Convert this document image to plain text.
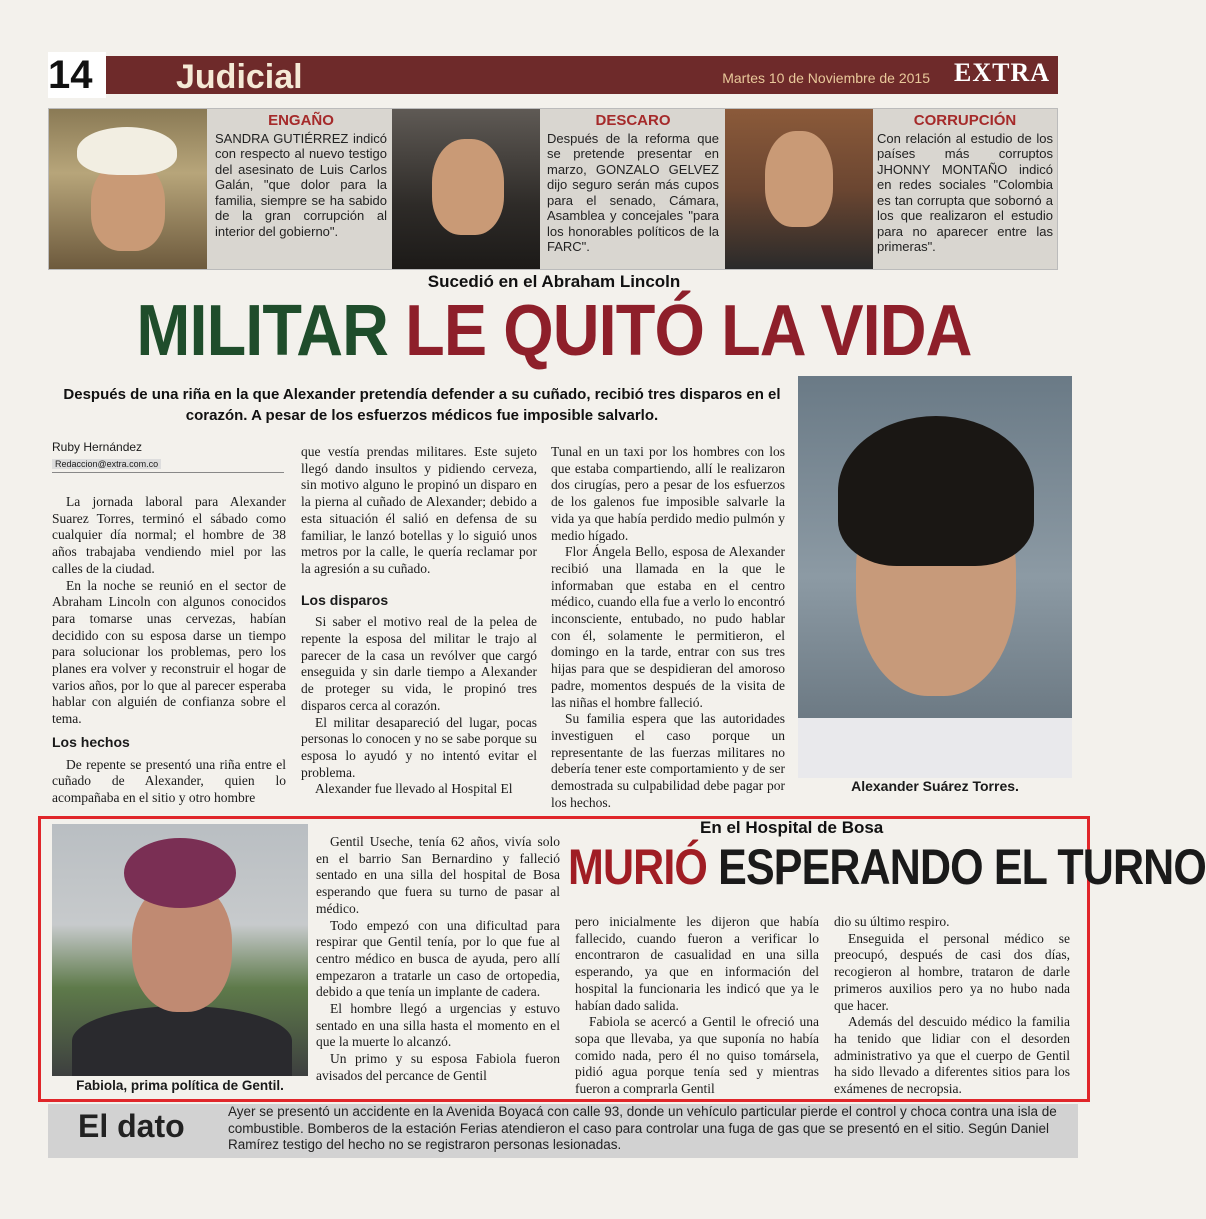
14	Judicial	Martes 10 de Noviembre de 2015 EXTRA
ENGAÑO
SANDRA GUTIÉRREZ indicó con respecto al nuevo testigo del asesinato de Luis Carlos Galán, "que dolor para la familia, siempre se ha sabido de la gran corrupción al interior del gobierno".
DESCARO
Después de la reforma que se pretende presentar en marzo, GONZALO GELVEZ dijo seguro serán más cupos para el senado, Cámara, Asamblea y concejales "para los honorables políticos de la FARC".
CORRUPCIÓN
Con relación al estudio de los países más corruptos JHONNY MONTAÑO indicó en redes sociales "Colombia es tan corrupta que sobornó a los que realizaron el estudio para no aparecer entre las primeras".
Sucedió en el Abraham Lincoln
MILITAR LE QUITÓ LA VIDA
Después de una riña en la que Alexander pretendía defender a su cuñado, recibió tres disparos en el corazón. A pesar de los esfuerzos médicos fue imposible salvarlo.
Ruby Hernández
Redaccion@extra.com.co

La jornada laboral para Alexander Suarez Torres, terminó el sábado como cualquier día normal; el hombre de 38 años trabajaba vendiendo miel por las calles de la ciudad.

En la noche se reunió en el sector de Abraham Lincoln con algunos conocidos para tomarse unas cervezas, habían decidido con su esposa darse un tiempo para solucionar los problemas, pero los planes era volver y reconstruir el hogar de varios años, por lo que al parecer esperaba hablar con alguién de confianza sobre el tema.

Los hechos

De repente se presentó una riña entre el cuñado de Alexander, quien lo acompañaba en el sitio y otro hombre

que vestía prendas militares. Este sujeto llegó dando insultos y pidiendo cerveza, sin motivo alguno le propinó un disparo en la pierna al cuñado de Alexander; debido a esta situación él salió en defensa de su familiar, le lanzó botellas y lo siguió unos metros por la calle, le quería reclamar por la agresión a su cuñado.

Los disparos

Si saber el motivo real de la pelea de repente la esposa del militar le trajo al parecer de la casa un revólver que cargó enseguida y sin darle tiempo a Alexander de proteger su vida, le propinó tres disparos cerca al corazón.

El militar desapareció del lugar, pocas personas lo conocen y no se sabe porque su esposa lo ayudó y no intentó evitar el problema.

Alexander fue llevado al Hospital El

Tunal en un taxi por los hombres con los que estaba compartiendo, allí le realizaron dos cirugías, pero a pesar de los esfuerzos de los galenos fue imposible salvarle la vida ya que había perdido medio pulmón y medio hígado.

Flor Ángela Bello, esposa de Alexander recibió una llamada en la que le informaban que estaba en el centro médico, cuando ella fue a verlo lo encontró inconsciente, entubado, no pudo hablar con él, solamente le permitieron, el domingo en la tarde, entrar con sus tres hijas para que se despidieran del amoroso padre, momentos después de la visita de las niñas el hombre falleció.

Su familia espera que las autoridades investiguen el caso porque un representante de las fuerzas militares no debería tener este comportamiento y de ser demostrada su culpabilidad debe pagar por los hechos.

Alexander Suárez Torres.
Fabiola, prima política de Gentil.

Gentil Useche, tenía 62 años, vivía solo en el barrio San Bernardino y falleció sentado en una silla del hospital de Bosa esperando que fuera su turno de pasar al médico.

Todo empezó con una dificultad para respirar que Gentil tenía, por lo que fue al centro médico en busca de ayuda, pero allí empezaron a tratarle un caso de ortopedia, debido a que tenía un implante de cadera.

El hombre llegó a urgencias y estuvo sentado en una silla hasta el momento en el que la muerte lo alcanzó.

Un primo y su esposa Fabiola fueron avisados del percance de Gentil

En el Hospital de Bosa
MURIÓ ESPERANDO EL TURNO

pero inicialmente les dijeron que había fallecido, cuando fueron a verificar lo encontraron de casualidad en una silla esperando, ya que en información del hospital la funcionaria les indicó que ya le habían dado salida.

Fabiola se acercó a Gentil le ofreció una sopa que llevaba, ya que suponía no había comido nada, pero él no quiso tomársela, pidió agua porque tenía sed y mientras fueron a comprarla Gentil

dio su último respiro.

Enseguida el personal médico se preocupó, después de casi dos días, recogieron al hombre, trataron de darle primeros auxilios pero ya no hubo nada que hacer.

Además del descuido médico la familia ha tenido que lidiar con el desorden administrativo ya que el cuerpo de Gentil ha sido llevado a diferentes sitios para los exámenes de necropsia.

El dato	Ayer se presentó un accidente en la Avenida Boyacá con calle 93, donde un vehículo particular pierde el control y choca contra una isla de combustible. Bomberos de la estación Ferias atendieron el caso para controlar una fuga de gas que se presentó en el sitio. Según Daniel Ramírez testigo del hecho no se registraron personas lesionadas.
